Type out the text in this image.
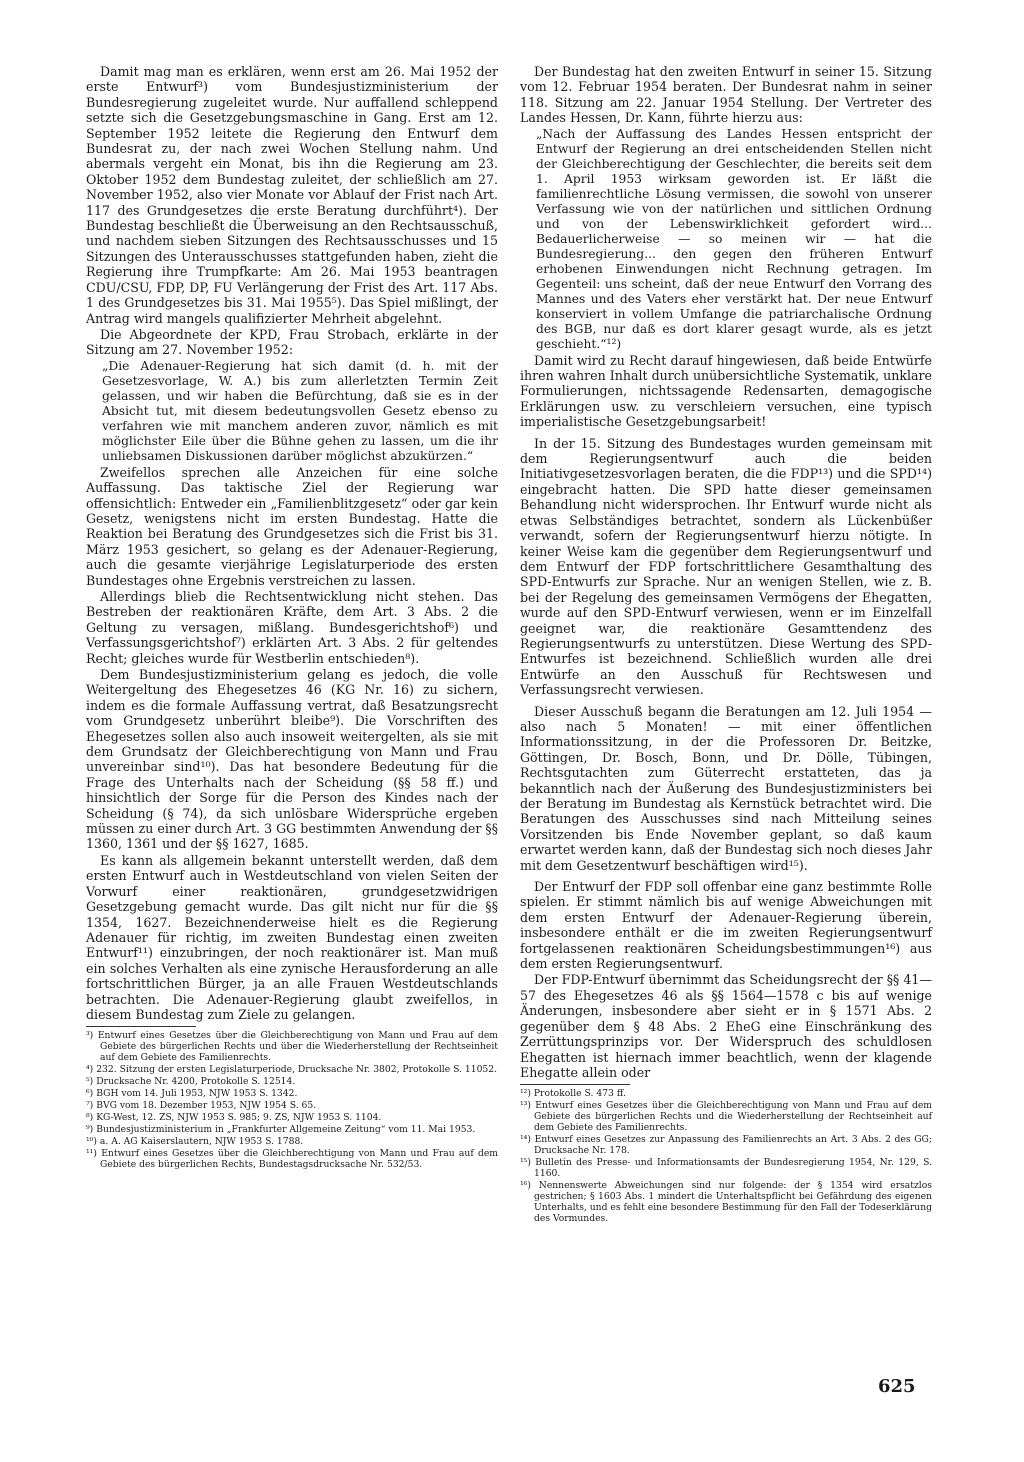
Damit mag man es erklären, wenn erst am 26. Mai 1952 der erste Entwurf³) vom Bundesjustizministerium der Bundesregierung zugeleitet wurde. Nur auffallend schleppend setzte sich die Gesetzgebungsmaschine in Gang. Erst am 12. September 1952 leitete die Regierung den Entwurf dem Bundesrat zu, der nach zwei Wochen Stellung nahm. Und abermals vergeht ein Monat, bis ihn die Regierung am 23. Oktober 1952 dem Bundestag zuleitet, der schließlich am 27. November 1952, also vier Monate vor Ablauf der Frist nach Art. 117 des Grundgesetzes die erste Beratung durchführt⁴). Der Bundestag beschließt die Überweisung an den Rechtsausschuß, und nachdem sieben Sitzungen des Rechtsausschusses und 15 Sitzungen des Unterausschusses stattgefunden haben, zieht die Regierung ihre Trumpfkarte: Am 26. Mai 1953 beantragen CDU/CSU, FDP, DP, FU Verlängerung der Frist des Art. 117 Abs. 1 des Grundgesetzes bis 31. Mai 1955⁵). Das Spiel mißlingt, der Antrag wird mangels qualifizierter Mehrheit abgelehnt.

Die Abgeordnete der KPD, Frau Strobach, erklärte in der Sitzung am 27. November 1952:

„Die Adenauer-Regierung hat sich damit (d. h. mit der Gesetzesvorlage, W. A.) bis zum allerletzten Termin Zeit gelassen, und wir haben die Befürchtung, daß sie es in der Absicht tut, mit diesem bedeutungsvollen Gesetz ebenso zu verfahren wie mit manchem anderen zuvor, nämlich es mit möglichster Eile über die Bühne gehen zu lassen, um die ihr unliebsamen Diskussionen darüber möglichst abzukürzen.“

Zweifellos sprechen alle Anzeichen für eine solche Auffassung. Das taktische Ziel der Regierung war offensichtlich: Entweder ein „Familienblitzgesetz“ oder gar kein Gesetz, wenigstens nicht im ersten Bundestag. Hatte die Reaktion bei Beratung des Grundgesetzes sich die Frist bis 31. März 1953 gesichert, so gelang es der Adenauer-Regierung, auch die gesamte vierjährige Legislaturperiode des ersten Bundestages ohne Ergebnis verstreichen zu lassen.

Allerdings blieb die Rechtsentwicklung nicht stehen. Das Bestreben der reaktionären Kräfte, dem Art. 3 Abs. 2 die Geltung zu versagen, mißlang. Bundesgerichtshof⁶) und Verfassungsgerichtshof⁷) erklärten Art. 3 Abs. 2 für geltendes Recht; gleiches wurde für Westberlin entschieden⁸).

Dem Bundesjustizministerium gelang es jedoch, die volle Weitergeltung des Ehegesetzes 46 (KG Nr. 16) zu sichern, indem es die formale Auffassung vertrat, daß Besatzungsrecht vom Grundgesetz unberührt bleibe⁹). Die Vorschriften des Ehegesetzes sollen also auch insoweit weitergelten, als sie mit dem Grundsatz der Gleichberechtigung von Mann und Frau unvereinbar sind¹⁰). Das hat besondere Bedeutung für die Frage des Unterhalts nach der Scheidung (§§ 58 ff.) und hinsichtlich der Sorge für die Person des Kindes nach der Scheidung (§ 74), da sich unlösbare Widersprüche ergeben müssen zu einer durch Art. 3 GG bestimmten Anwendung der §§ 1360, 1361 und der §§ 1627, 1685.

Es kann als allgemein bekannt unterstellt werden, daß dem ersten Entwurf auch in Westdeutschland von vielen Seiten der Vorwurf einer reaktionären, grundgesetzwidrigen Gesetzgebung gemacht wurde. Das gilt nicht nur für die §§ 1354, 1627. Bezeichnenderweise hielt es die Regierung Adenauer für richtig, im zweiten Bundestag einen zweiten Entwurf¹¹) einzubringen, der noch reaktionärer ist. Man muß ein solches Verhalten als eine zynische Herausforderung an alle fortschrittlichen Bürger, ja an alle Frauen Westdeutschlands betrachten. Die Adenauer-Regierung glaubt zweifellos, in diesem Bundestag zum Ziele zu gelangen.

³) Entwurf eines Gesetzes über die Gleichberechtigung von Mann und Frau auf dem Gebiete des bürgerlichen Rechts und über die Wiederherstellung der Rechtseinheit auf dem Gebiete des Familienrechts.

⁴) 232. Sitzung der ersten Legislaturperiode, Drucksache Nr. 3802, Protokolle S. 11052.

⁵) Drucksache Nr. 4200, Protokolle S. 12514.

⁶) BGH vom 14. Juli 1953, NJW 1953 S. 1342.

⁷) BVG vom 18. Dezember 1953, NJW 1954 S. 65.

⁸) KG-West, 12. ZS, NJW 1953 S. 985; 9. ZS, NJW 1953 S. 1104.

⁹) Bundesjustizministerium in „Frankfurter Allgemeine Zeitung“ vom 11. Mai 1953.

¹⁰) a. A. AG Kaiserslautern, NJW 1953 S. 1788.

¹¹) Entwurf eines Gesetzes über die Gleichberechtigung von Mann und Frau auf dem Gebiete des bürgerlichen Rechts, Bundestagsdrucksache Nr. 532/53.

Der Bundestag hat den zweiten Entwurf in seiner 15. Sitzung vom 12. Februar 1954 beraten. Der Bundesrat nahm in seiner 118. Sitzung am 22. Januar 1954 Stellung. Der Vertreter des Landes Hessen, Dr. Kann, führte hierzu aus:

„Nach der Auffassung des Landes Hessen entspricht der Entwurf der Regierung an drei entscheidenden Stellen nicht der Gleichberechtigung der Geschlechter, die bereits seit dem 1. April 1953 wirksam geworden ist. Er läßt die familienrechtliche Lösung vermissen, die sowohl von unserer Verfassung wie von der natürlichen und sittlichen Ordnung und von der Lebenswirklichkeit gefordert wird... Bedauerlicherweise — so meinen wir — hat die Bundesregierung... den gegen den früheren Entwurf erhobenen Einwendungen nicht Rechnung getragen. Im Gegenteil: uns scheint, daß der neue Entwurf den Vorrang des Mannes und des Vaters eher verstärkt hat. Der neue Entwurf konserviert in vollem Umfange die patriarchalische Ordnung des BGB, nur daß es dort klarer gesagt wurde, als es jetzt geschieht.“¹²)

Damit wird zu Recht darauf hingewiesen, daß beide Entwürfe ihren wahren Inhalt durch unübersichtliche Systematik, unklare Formulierungen, nichtssagende Redensarten, demagogische Erklärungen usw. zu verschleiern versuchen, eine typisch imperialistische Gesetzgebungsarbeit!

In der 15. Sitzung des Bundestages wurden gemeinsam mit dem Regierungsentwurf auch die beiden Initiativgesetzesvorlagen beraten, die die FDP¹³) und die SPD¹⁴) eingebracht hatten. Die SPD hatte dieser gemeinsamen Behandlung nicht widersprochen. Ihr Entwurf wurde nicht als etwas Selbständiges betrachtet, sondern als Lückenbüßer verwandt, sofern der Regierungsentwurf hierzu nötigte. In keiner Weise kam die gegenüber dem Regierungsentwurf und dem Entwurf der FDP fortschrittlichere Gesamthaltung des SPD-Entwurfs zur Sprache. Nur an wenigen Stellen, wie z. B. bei der Regelung des gemeinsamen Vermögens der Ehegatten, wurde auf den SPD-Entwurf verwiesen, wenn er im Einzelfall geeignet war, die reaktionäre Gesamttendenz des Regierungsentwurfs zu unterstützen. Diese Wertung des SPD-Entwurfes ist bezeichnend. Schließlich wurden alle drei Entwürfe an den Ausschuß für Rechtswesen und Verfassungsrecht verwiesen.

Dieser Ausschuß begann die Beratungen am 12. Juli 1954 — also nach 5 Monaten! — mit einer öffentlichen Informationssitzung, in der die Professoren Dr. Beitzke, Göttingen, Dr. Bosch, Bonn, und Dr. Dölle, Tübingen, Rechtsgutachten zum Güterrecht erstatteten, das ja bekanntlich nach der Äußerung des Bundesjustizministers bei der Beratung im Bundestag als Kernstück betrachtet wird. Die Beratungen des Ausschusses sind nach Mitteilung seines Vorsitzenden bis Ende November geplant, so daß kaum erwartet werden kann, daß der Bundestag sich noch dieses Jahr mit dem Gesetzentwurf beschäftigen wird¹⁵).

Der Entwurf der FDP soll offenbar eine ganz bestimmte Rolle spielen. Er stimmt nämlich bis auf wenige Abweichungen mit dem ersten Entwurf der Adenauer-Regierung überein, insbesondere enthält er die im zweiten Regierungsentwurf fortgelassenen reaktionären Scheidungsbestimmungen¹⁶) aus dem ersten Regierungsentwurf.

Der FDP-Entwurf übernimmt das Scheidungsrecht der §§ 41—57 des Ehegesetzes 46 als §§ 1564—1578 c bis auf wenige Änderungen, insbesondere aber sieht er in § 1571 Abs. 2 gegenüber dem § 48 Abs. 2 EheG eine Einschränkung des Zerrüttungsprinzips vor. Der Widerspruch des schuldlosen Ehegatten ist hiernach immer beachtlich, wenn der klagende Ehegatte allein oder

¹²) Protokolle S. 473 ff.

¹³) Entwurf eines Gesetzes über die Gleichberechtigung von Mann und Frau auf dem Gebiete des bürgerlichen Rechts und die Wiederherstellung der Rechtseinheit auf dem Gebiete des Familienrechts.

¹⁴) Entwurf eines Gesetzes zur Anpassung des Familienrechts an Art. 3 Abs. 2 des GG; Drucksache Nr. 178.

¹⁵) Bulletin des Presse- und Informationsamts der Bundesregierung 1954, Nr. 129, S. 1160.

¹⁶) Nennenswerte Abweichungen sind nur folgende: der § 1354 wird ersatzlos gestrichen; § 1603 Abs. 1 mindert die Unterhaltspflicht bei Gefährdung des eigenen Unterhalts, und es fehlt eine besondere Bestimmung für den Fall der Todeserklärung des Vormundes.

625
